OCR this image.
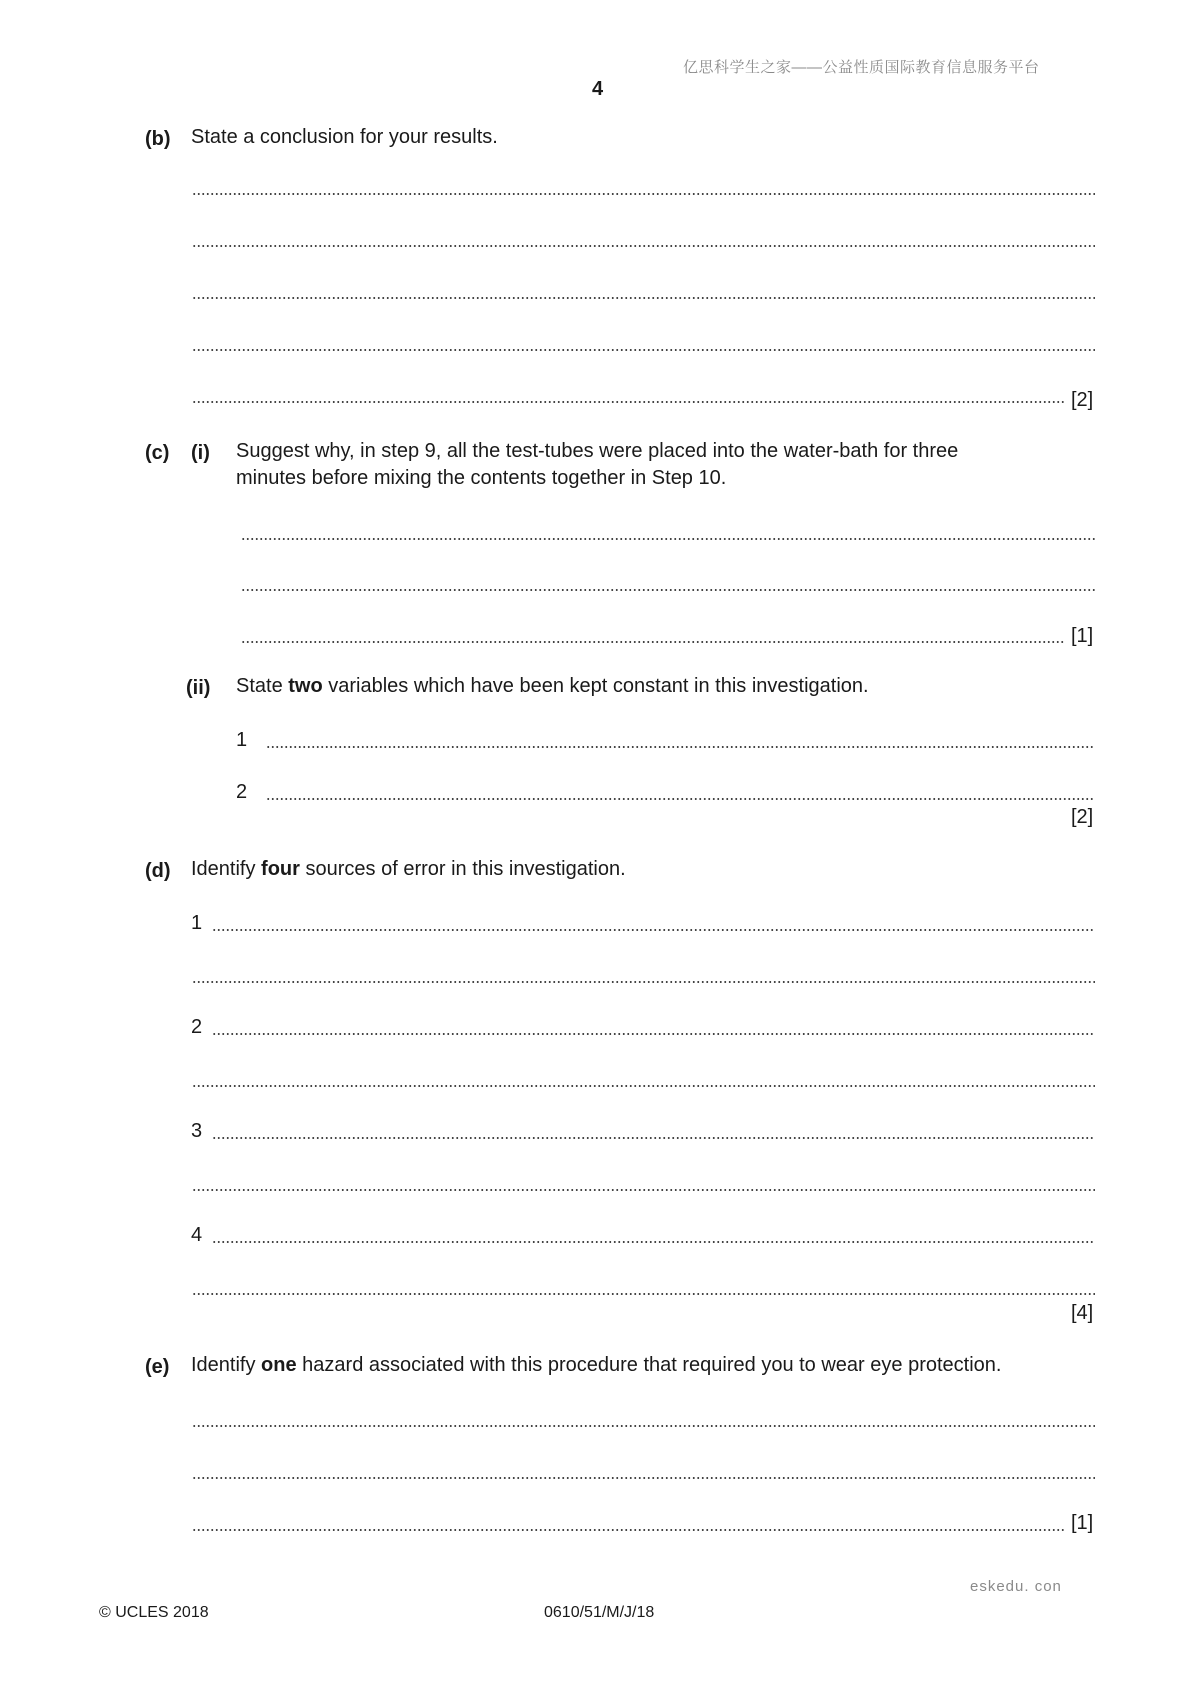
亿思科学生之家——公益性质国际教育信息服务平台
4
(b) State a conclusion for your results.
[2]
(c) (i) Suggest why, in step 9, all the test-tubes were placed into the water-bath for three
minutes before mixing the contents together in Step 10.
[1]
(ii) State two variables which have been kept constant in this investigation.
1
2
[2]
(d) Identify four sources of error in this investigation.
1
2
3
4
[4]
(e) Identify one hazard associated with this procedure that required you to wear eye protection.
[1]
eskedu. con
© UCLES 2018	0610/51/M/J/18
